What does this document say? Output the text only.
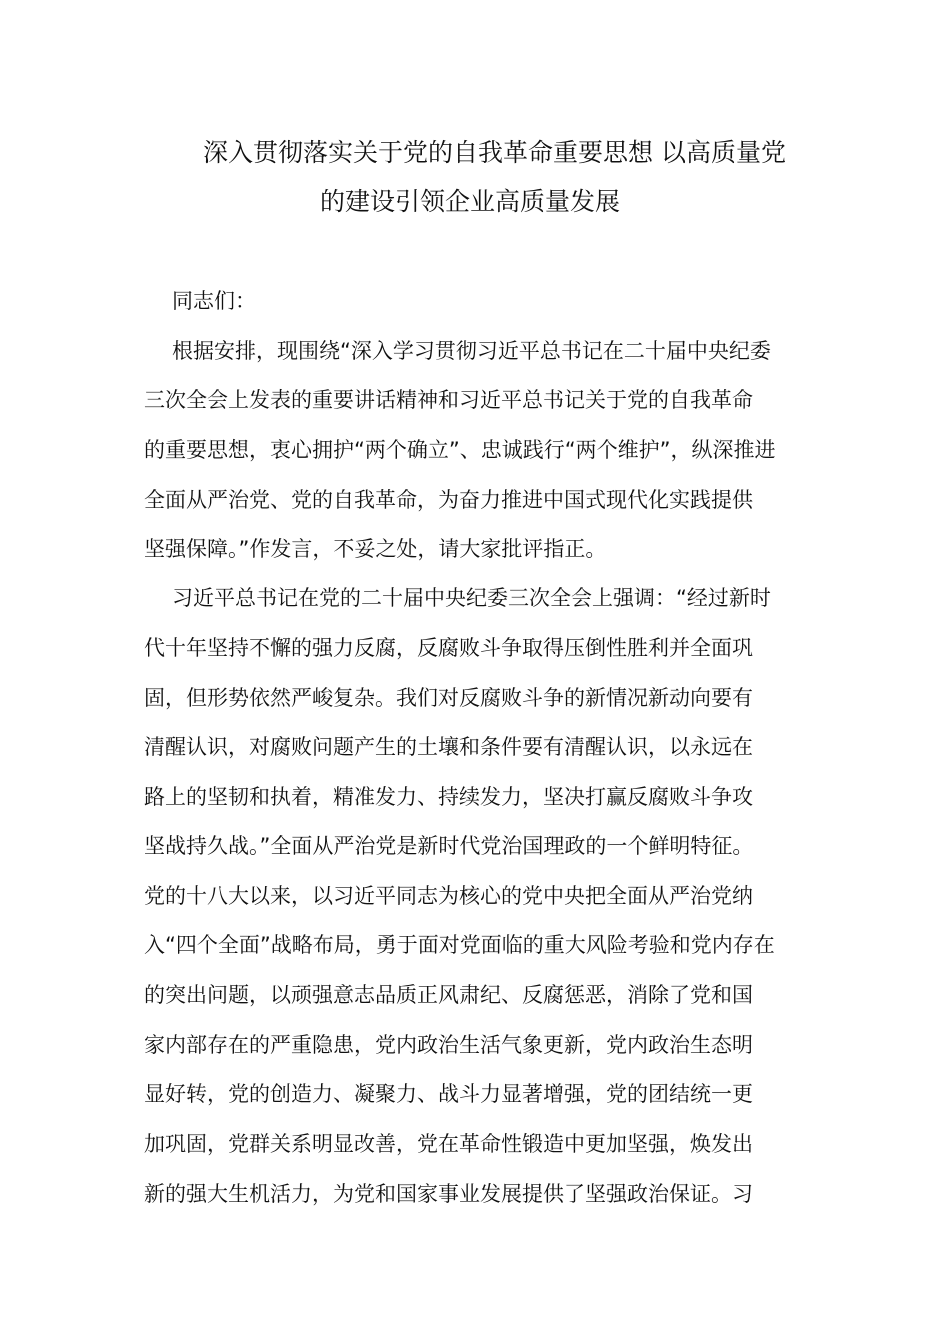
深入贯彻落实关于党的自我革命重要思想 以高质量党
的建设引领企业高质量发展
同志们：
根据安排，现围绕“深入学习贯彻习近平总书记在二十届中央纪委
三次全会上发表的重要讲话精神和习近平总书记关于党的自我革命
的重要思想，衷心拥护“两个确立”、忠诚践行“两个维护”，纵深推进
全面从严治党、党的自我革命，为奋力推进中国式现代化实践提供
坚强保障。”作发言，不妥之处，请大家批评指正。
习近平总书记在党的二十届中央纪委三次全会上强调：“经过新时
代十年坚持不懈的强力反腐，反腐败斗争取得压倒性胜利并全面巩
固，但形势依然严峻复杂。我们对反腐败斗争的新情况新动向要有
清醒认识，对腐败问题产生的土壤和条件要有清醒认识，以永远在
路上的坚韧和执着，精准发力、持续发力，坚决打赢反腐败斗争攻
坚战持久战。”全面从严治党是新时代党治国理政的一个鲜明特征。
党的十八大以来，以习近平同志为核心的党中央把全面从严治党纳
入“四个全面”战略布局，勇于面对党面临的重大风险考验和党内存在
的突出问题，以顽强意志品质正风肃纪、反腐惩恶，消除了党和国
家内部存在的严重隐患，党内政治生活气象更新，党内政治生态明
显好转，党的创造力、凝聚力、战斗力显著增强，党的团结统一更
加巩固，党群关系明显改善，党在革命性锻造中更加坚强，焕发出
新的强大生机活力，为党和国家事业发展提供了坚强政治保证。习
